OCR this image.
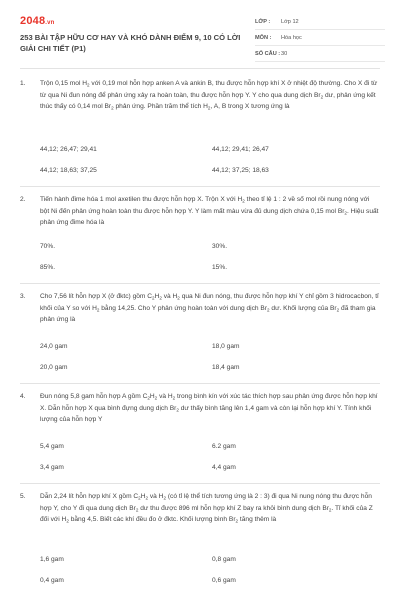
2048.vn
253 BÀI TẬP HỮU CƠ HAY VÀ KHÓ DÀNH ĐIỂM 9, 10 CÓ LỜI GIẢI CHI TIẾT (P1)
LỚP :	Lớp 12
MÔN :	Hóa học
SỐ CÂU : 30
1. Trộn 0,15 mol $H_2$ với 0,19 mol hỗn hợp anken A và ankin B, thu được hỗn hợp khí X ở nhiệt độ thường. Cho X đi từ từ qua Ni đun nóng để phản ứng xảy ra hoàn toàn, thu được hỗn hợp Y. Y cho qua dung dịch $Br_2$ dư, phản ứng kết thúc thấy có 0,14 mol $Br_2$ phản ứng. Phần trăm thể tích $H_2$, A, B trong X tương ứng là
44,12; 26,47; 29,41	44,12; 29,41; 26,47
44,12; 18,63; 37,25	44,12; 37,25; 18,63
2. Tiến hành đime hóa 1 mol axetilen thu được hỗn hợp X. Trộn X với $H_2$ theo tỉ lệ 1 : 2 về số mol rồi nung nóng với bột Ni đến phản ứng hoàn toàn thu được hỗn hợp Y. Y làm mất màu vừa đủ dung dịch chứa 0,15 mol $Br_2$. Hiệu suất phản ứng đime hóa là
70%.	30%.
85%.	15%.
3. Cho 7,56 lít hỗn hợp X (ở đktc) gồm $C_2H_2$ và $H_2$ qua Ni đun nóng, thu được hỗn hợp khí Y chỉ gồm 3 hidrocacbon, tỉ khối của Y so với $H_2$ bằng 14,25. Cho Y phản ứng hoàn toàn với dung dịch $Br_2$ dư. Khối lượng của $Br_2$ đã tham gia phản ứng là
24,0 gam	18,0 gam
20,0 gam	18,4 gam
4. Đun nóng 5,8 gam hỗn hợp A gồm $C_2H_2$ và $H_2$ trong bình kín với xúc tác thích hợp sau phản ứng được hỗn hợp khí X. Dẫn hỗn hợp X qua bình đựng dung dịch $Br_2$ dư thấy bình tăng lên 1,4 gam và còn lại hỗn hợp khí Y. Tính khối lượng của hỗn hợp Y
5,4 gam	6.2 gam
3,4 gam	4,4 gam
5. Dẫn 2,24 lít hỗn hợp khí X gồm $C_2H_2$ và $H_2$ (có tỉ lệ thể tích tương ứng là 2 : 3) đi qua Ni nung nóng thu được hỗn hợp Y, cho Y đi qua dung dịch $Br_2$ dư thu được 896 ml hỗn hợp khí Z bay ra khỏi bình dung dịch $Br_2$. Tỉ khối của Z đối với $H_2$ bằng 4,5. Biết các khí đều đo ở đktc. Khối lượng bình $Br_2$ tăng thêm là
1,6 gam	0,8 gam
0,4 gam	0,6 gam
